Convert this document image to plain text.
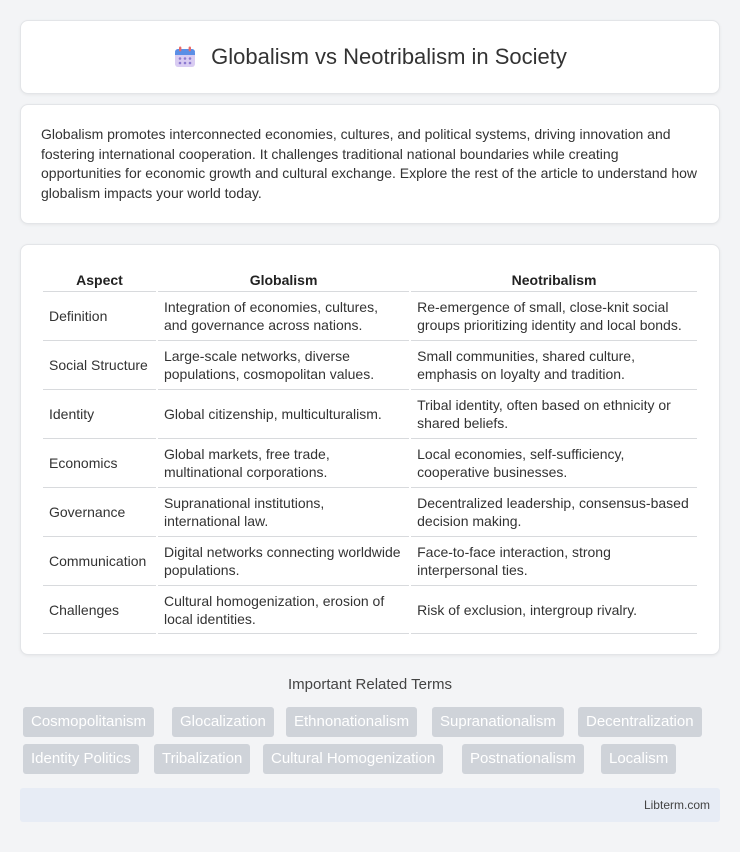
Globalism vs Neotribalism in Society

Globalism promotes interconnected economies, cultures, and political systems, driving innovation and fostering international cooperation. It challenges traditional national boundaries while creating opportunities for economic growth and cultural exchange. Explore the rest of the article to understand how globalism impacts your world today.

Aspect	Globalism	Neotribalism
Definition	Integration of economies, cultures, and governance across nations.	Re-emergence of small, close-knit social groups prioritizing identity and local bonds.
Social Structure	Large-scale networks, diverse populations, cosmopolitan values.	Small communities, shared culture, emphasis on loyalty and tradition.
Identity	Global citizenship, multiculturalism.	Tribal identity, often based on ethnicity or shared beliefs.
Economics	Global markets, free trade, multinational corporations.	Local economies, self-sufficiency, cooperative businesses.
Governance	Supranational institutions, international law.	Decentralized leadership, consensus-based decision making.
Communication	Digital networks connecting worldwide populations.	Face-to-face interaction, strong interpersonal ties.
Challenges	Cultural homogenization, erosion of local identities.	Risk of exclusion, intergroup rivalry.
Important Related Terms
Cosmopolitanism	Glocalization	Ethnonationalism	Supranationalism	Decentralization
Identity Politics	Tribalization	Cultural Homogenization	Postnationalism	Localism
Libterm.com
